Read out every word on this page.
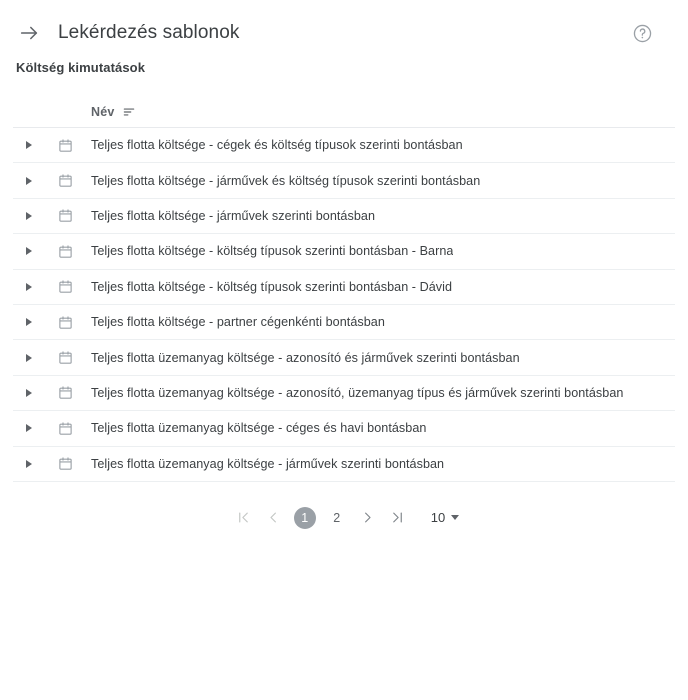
Lekérdezés sablonok
Költség kimutatások
Név
Teljes flotta költsége - cégek és költség típusok szerinti bontásban
Teljes flotta költsége - járművek és költség típusok szerinti bontásban
Teljes flotta költsége - járművek szerinti bontásban
Teljes flotta költsége - költség típusok szerinti bontásban - Barna
Teljes flotta költsége - költség típusok szerinti bontásban - Dávid
Teljes flotta költsége - partner cégenkénti bontásban
Teljes flotta üzemanyag költsége - azonosító és járművek szerinti bontásban
Teljes flotta üzemanyag költsége - azonosító, üzemanyag típus és járművek szerinti bontásban
Teljes flotta üzemanyag költsége - céges és havi bontásban
Teljes flotta üzemanyag költsége - járművek szerinti bontásban
1	2	10
